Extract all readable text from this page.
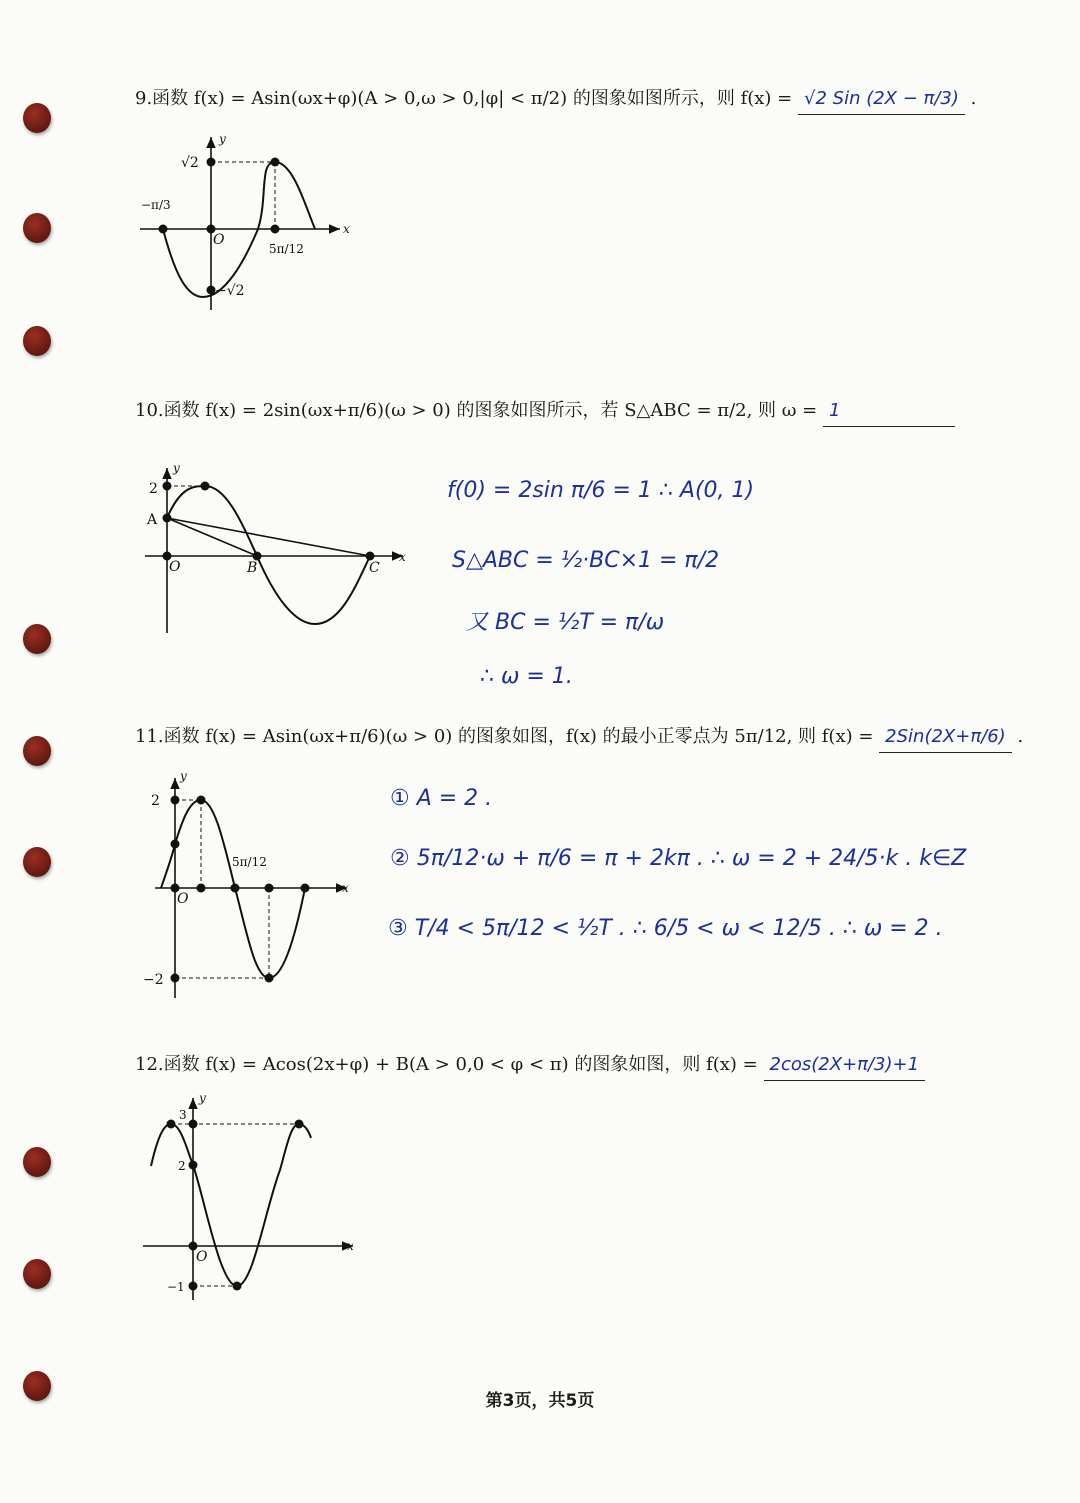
9.函数 f(x) = Asin(ωx+φ)(A > 0,ω > 0,|φ| < π/2) 的图象如图所示，则 f(x) = √2 Sin (2X − π/3) .
x
y
O
√2
−√2
−π/3
5π/12
10.函数 f(x) = 2sin(ωx+π/6)(ω > 0) 的图象如图所示，若 S△ABC = π/2, 则 ω = 1
x
y
O
2
A
B	C
f(0) = 2sin π/6 = 1 ∴ A(0, 1)
S△ABC = ½·BC×1 = π/2
又 BC = ½T = π/ω
∴ ω = 1.
11.函数 f(x) = Asin(ωx+π/6)(ω > 0) 的图象如图，f(x) 的最小正零点为 5π/12, 则 f(x) = 2Sin(2X+π/6) .
x
y
O
2
−2
5π/12
① A = 2 .
② 5π/12·ω + π/6 = π + 2kπ . ∴ ω = 2 + 24/5·k . k∈Z
③ T/4 < 5π/12 < ½T . ∴ 6/5 < ω < 12/5 . ∴ ω = 2 .
12.函数 f(x) = Acos(2x+φ) + B(A > 0,0 < φ < π) 的图象如图，则 f(x) = 2cos(2X+π/3)+1
x
y
O
3
2
−1
第3页，共5页
